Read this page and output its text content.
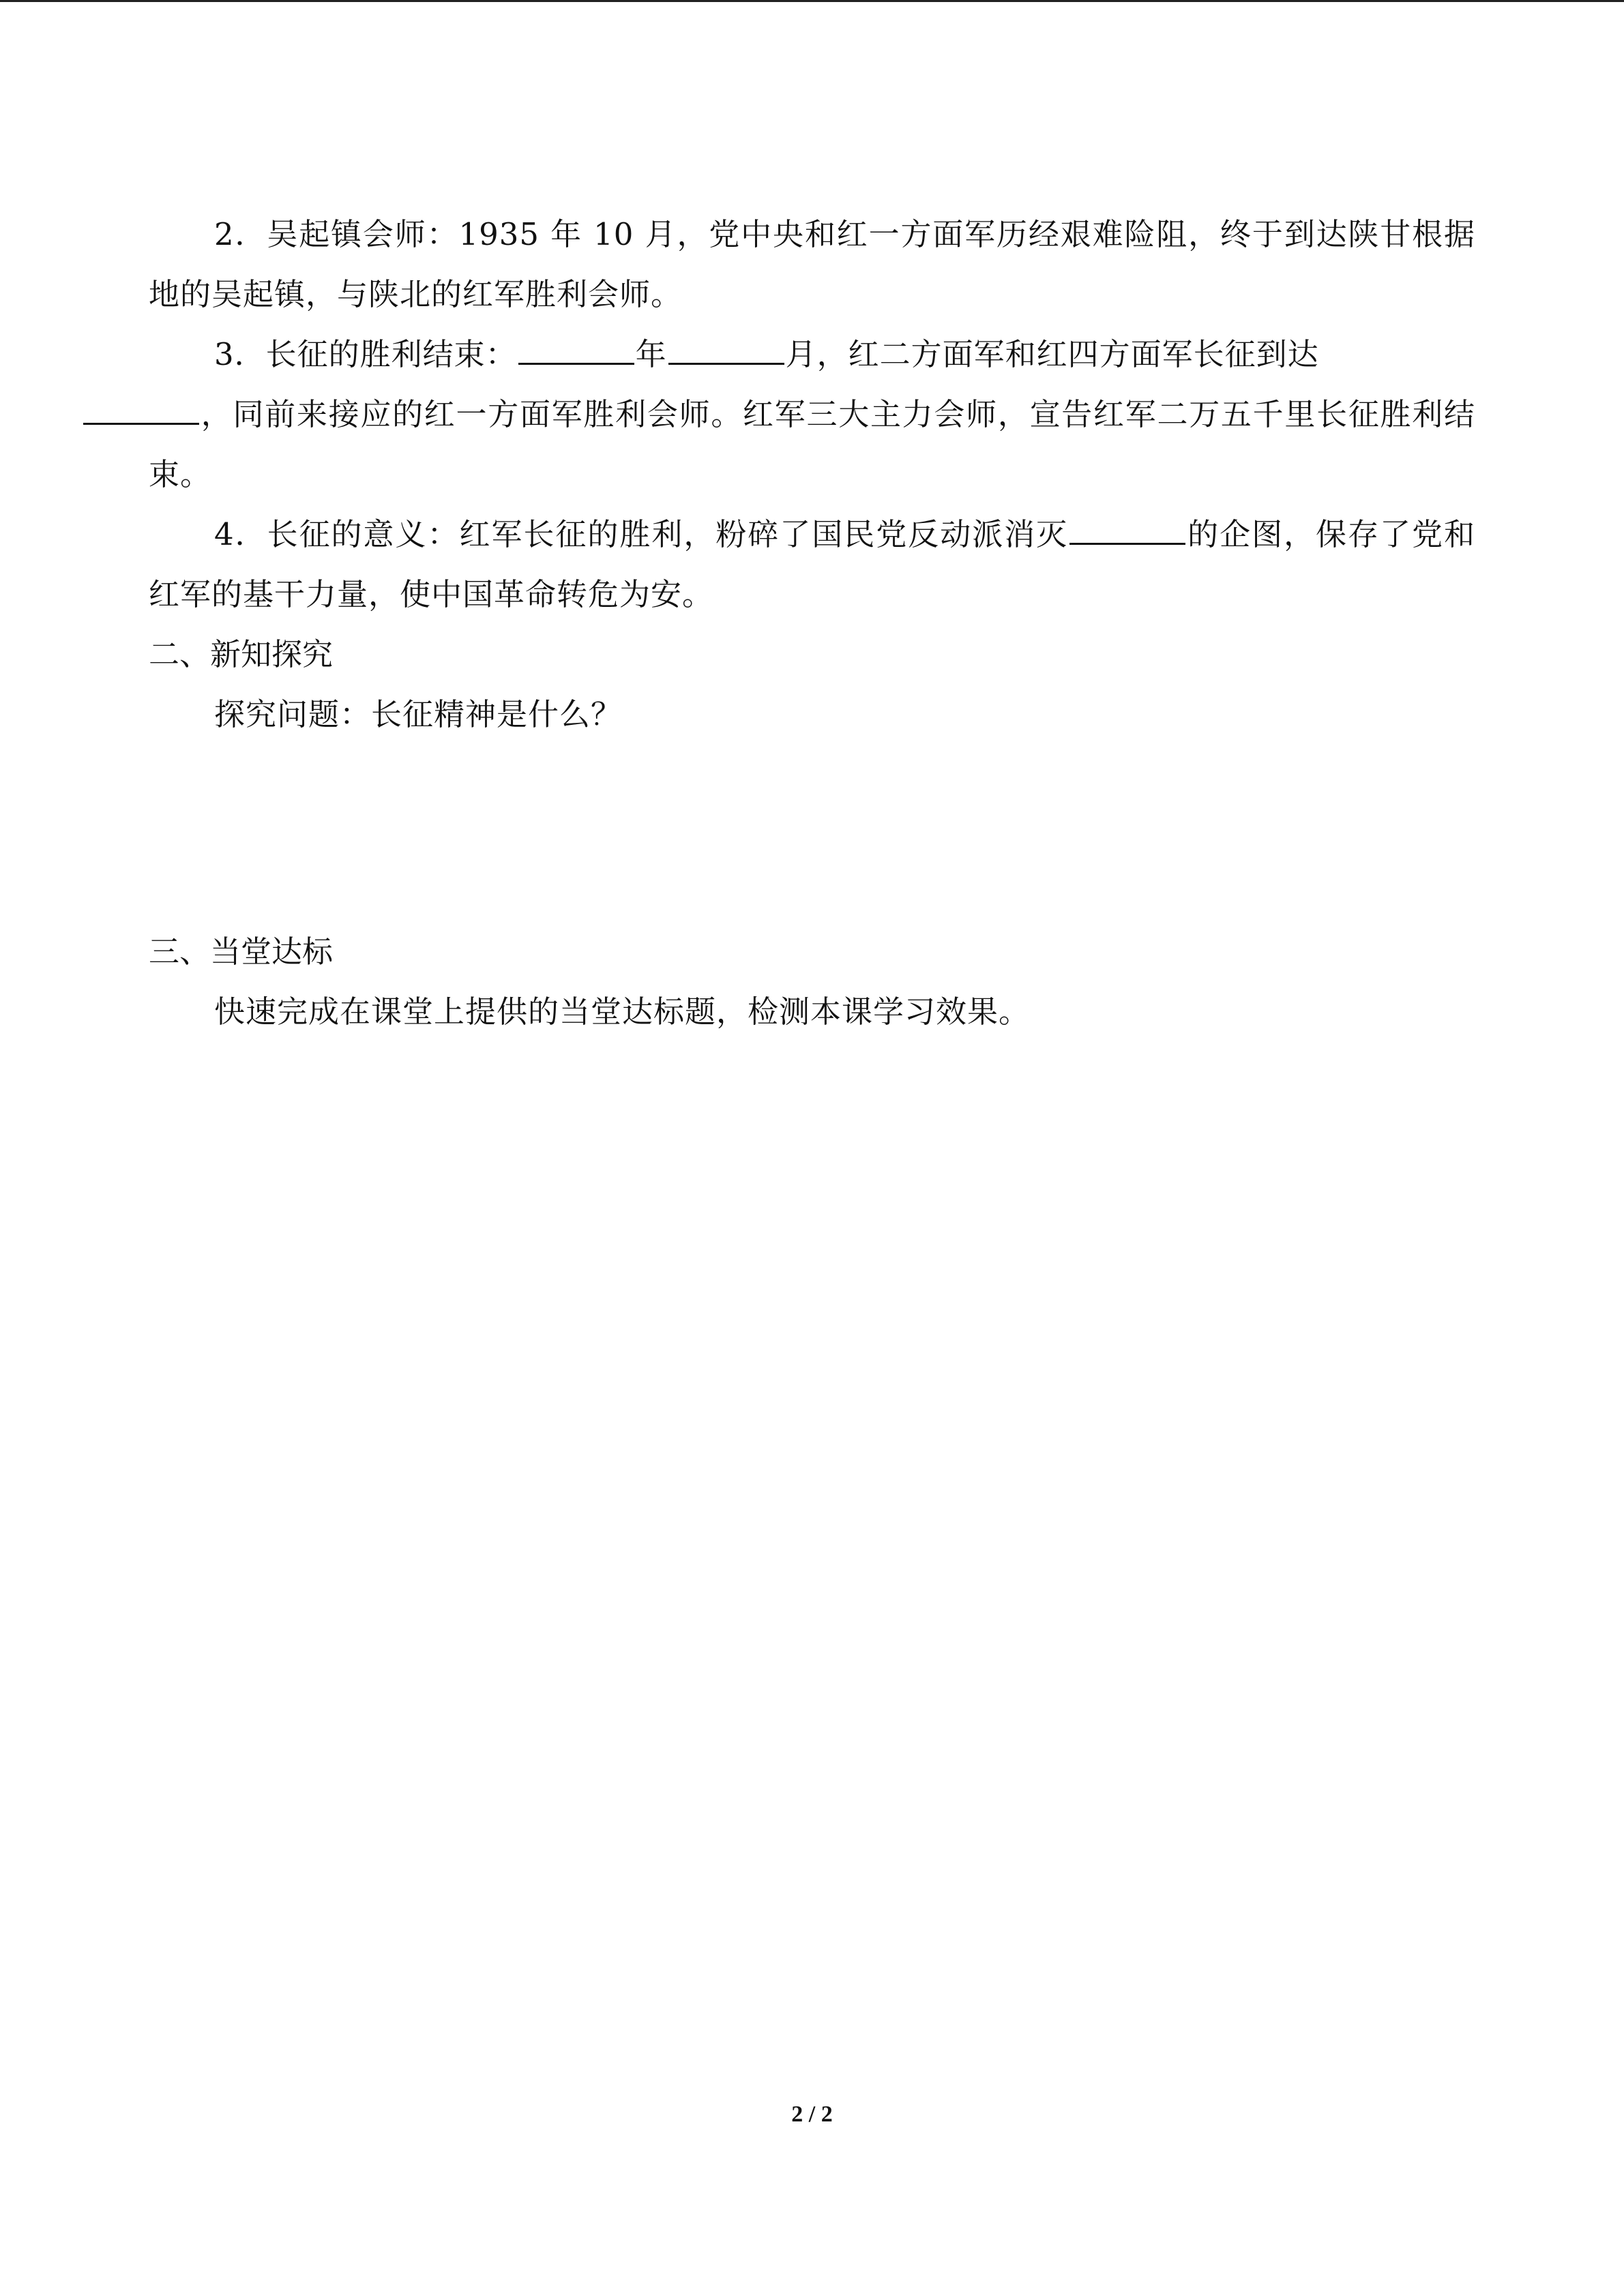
2．吴起镇会师：1935 年 10 月，党中央和红一方面军历经艰难险阻，终于到达陕甘根据地的吴起镇，与陕北的红军胜利会师。

3．长征的胜利结束：	年	月，红二方面军和红四方面军长征到达
，同前来接应的红一方面军胜利会师。红军三大主力会师，宣告红军二万五千里长征胜利结束。

4．长征的意义：红军长征的胜利，粉碎了国民党反动派消灭	的企图，保存了党和红军的基干力量，使中国革命转危为安。

二、新知探究

探究问题：长征精神是什么？

三、当堂达标

快速完成在课堂上提供的当堂达标题，检测本课学习效果。

2 / 2
